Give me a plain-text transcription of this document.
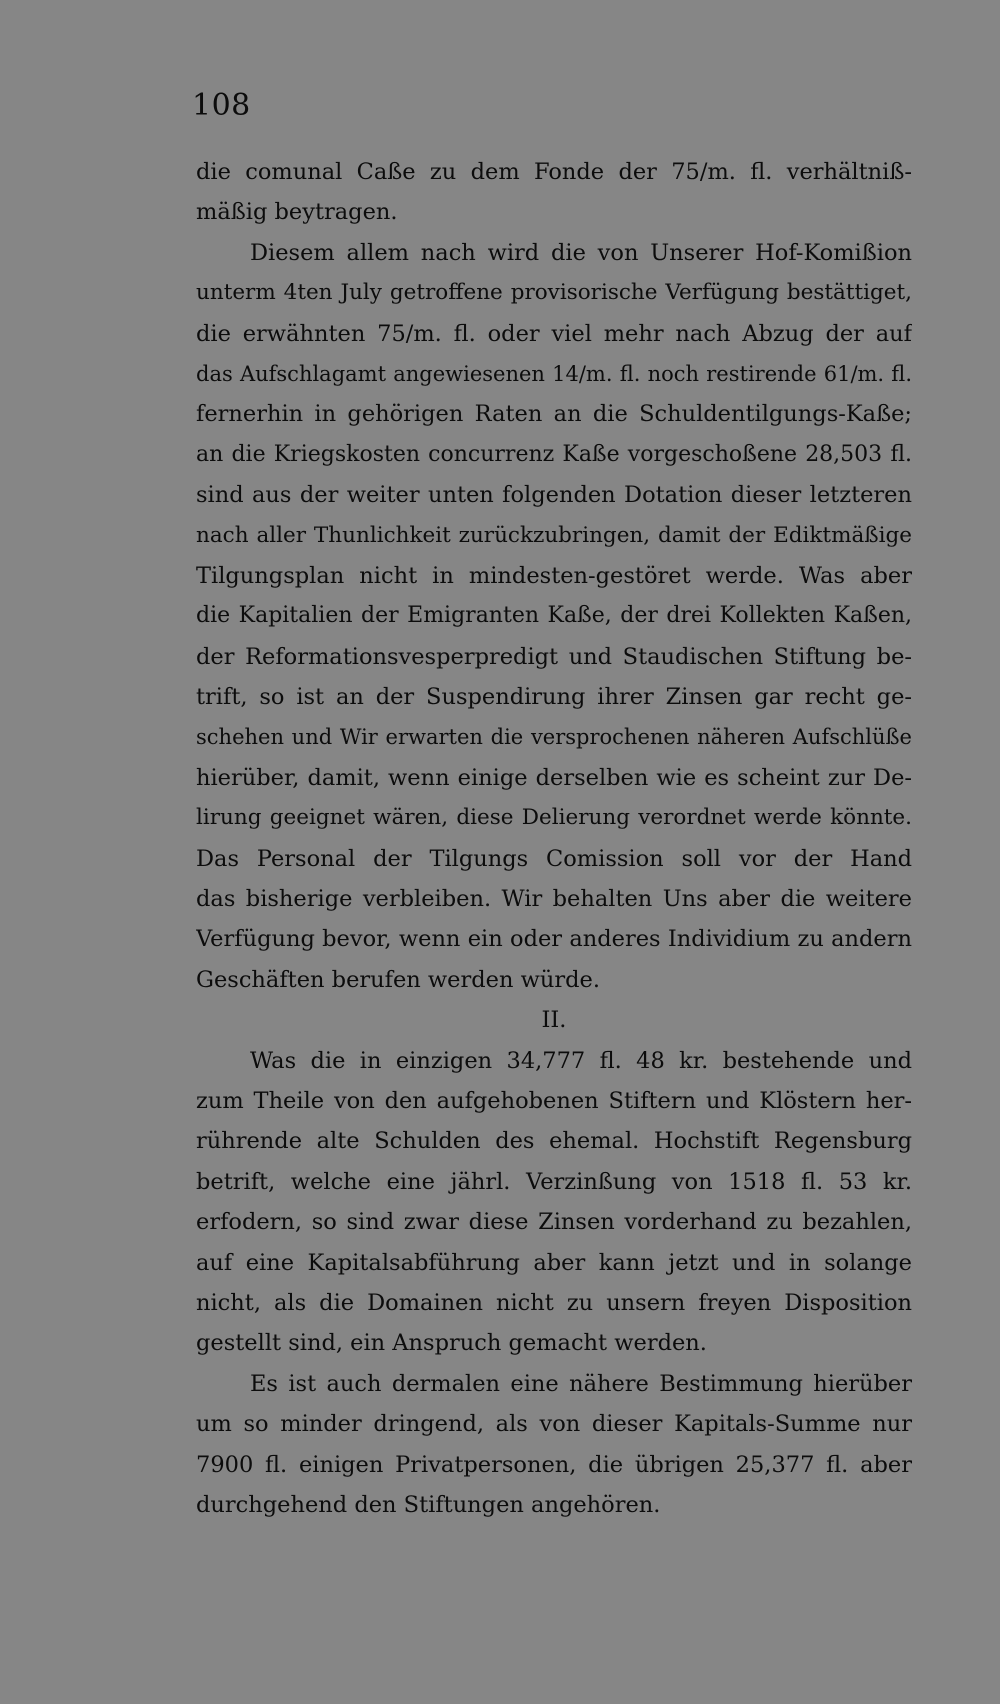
108
die comunal Caße zu dem Fonde der 75/m. fl. verhältniß-
mäßig beytragen.
Diesem allem nach wird die von Unserer Hof-Komißion
unterm 4ten July getroffene provisorische Verfügung bestättiget,
die erwähnten 75/m. fl. oder viel mehr nach Abzug der auf
das Aufschlagamt angewiesenen 14/m. fl. noch restirende 61/m. fl.
fernerhin in gehörigen Raten an die Schuldentilgungs-Kaße;
an die Kriegskosten concurrenz Kaße vorgeschoßene 28,503 fl.
sind aus der weiter unten folgenden Dotation dieser letzteren
nach aller Thunlichkeit zurückzubringen, damit der Ediktmäßige
Tilgungsplan nicht in mindesten-gestöret werde. Was aber
die Kapitalien der Emigranten Kaße, der drei Kollekten Kaßen,
der Reformationsvesperpredigt und Staudischen Stiftung be-
trift, so ist an der Suspendirung ihrer Zinsen gar recht ge-
schehen und Wir erwarten die versprochenen näheren Aufschlüße
hierüber, damit, wenn einige derselben wie es scheint zur De-
lirung geeignet wären, diese Delierung verordnet werde könnte.
Das Personal der Tilgungs Comission soll vor der Hand
das bisherige verbleiben. Wir behalten Uns aber die weitere
Verfügung bevor, wenn ein oder anderes Individium zu andern
Geschäften berufen werden würde.
II.
Was die in einzigen 34,777 fl. 48 kr. bestehende und
zum Theile von den aufgehobenen Stiftern und Klöstern her-
rührende alte Schulden des ehemal. Hochstift Regensburg
betrift, welche eine jährl. Verzinßung von 1518 fl. 53 kr.
erfodern, so sind zwar diese Zinsen vorderhand zu bezahlen,
auf eine Kapitalsabführung aber kann jetzt und in solange
nicht, als die Domainen nicht zu unsern freyen Disposition
gestellt sind, ein Anspruch gemacht werden.
Es ist auch dermalen eine nähere Bestimmung hierüber
um so minder dringend, als von dieser Kapitals-Summe nur
7900 fl. einigen Privatpersonen, die übrigen 25,377 fl. aber
durchgehend den Stiftungen angehören.
